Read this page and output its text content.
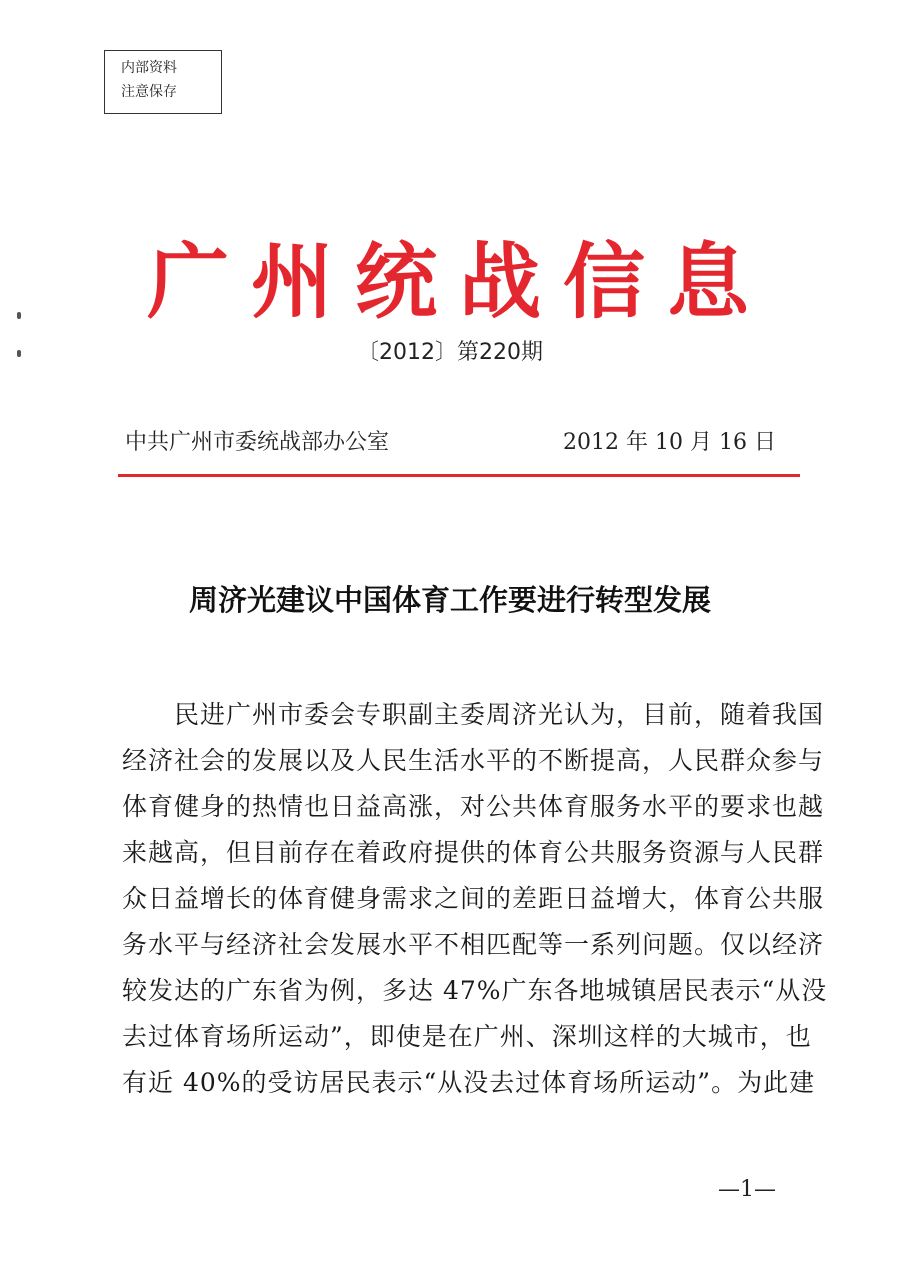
内部资料
注意保存
广州统战信息
〔2012〕第220期
中共广州市委统战部办公室	2012 年 10 月 16 日
周济光建议中国体育工作要进行转型发展

民进广州市委会专职副主委周济光认为，目前，随着我国
经济社会的发展以及人民生活水平的不断提高，人民群众参与
体育健身的热情也日益高涨，对公共体育服务水平的要求也越
来越高，但目前存在着政府提供的体育公共服务资源与人民群
众日益增长的体育健身需求之间的差距日益增大，体育公共服
务水平与经济社会发展水平不相匹配等一系列问题。仅以经济
较发达的广东省为例，多达 47%广东各地城镇居民表示“从没
去过体育场所运动”，即使是在广州、深圳这样的大城市，也
有近 40%的受访居民表示“从没去过体育场所运动”。为此建

—1—
